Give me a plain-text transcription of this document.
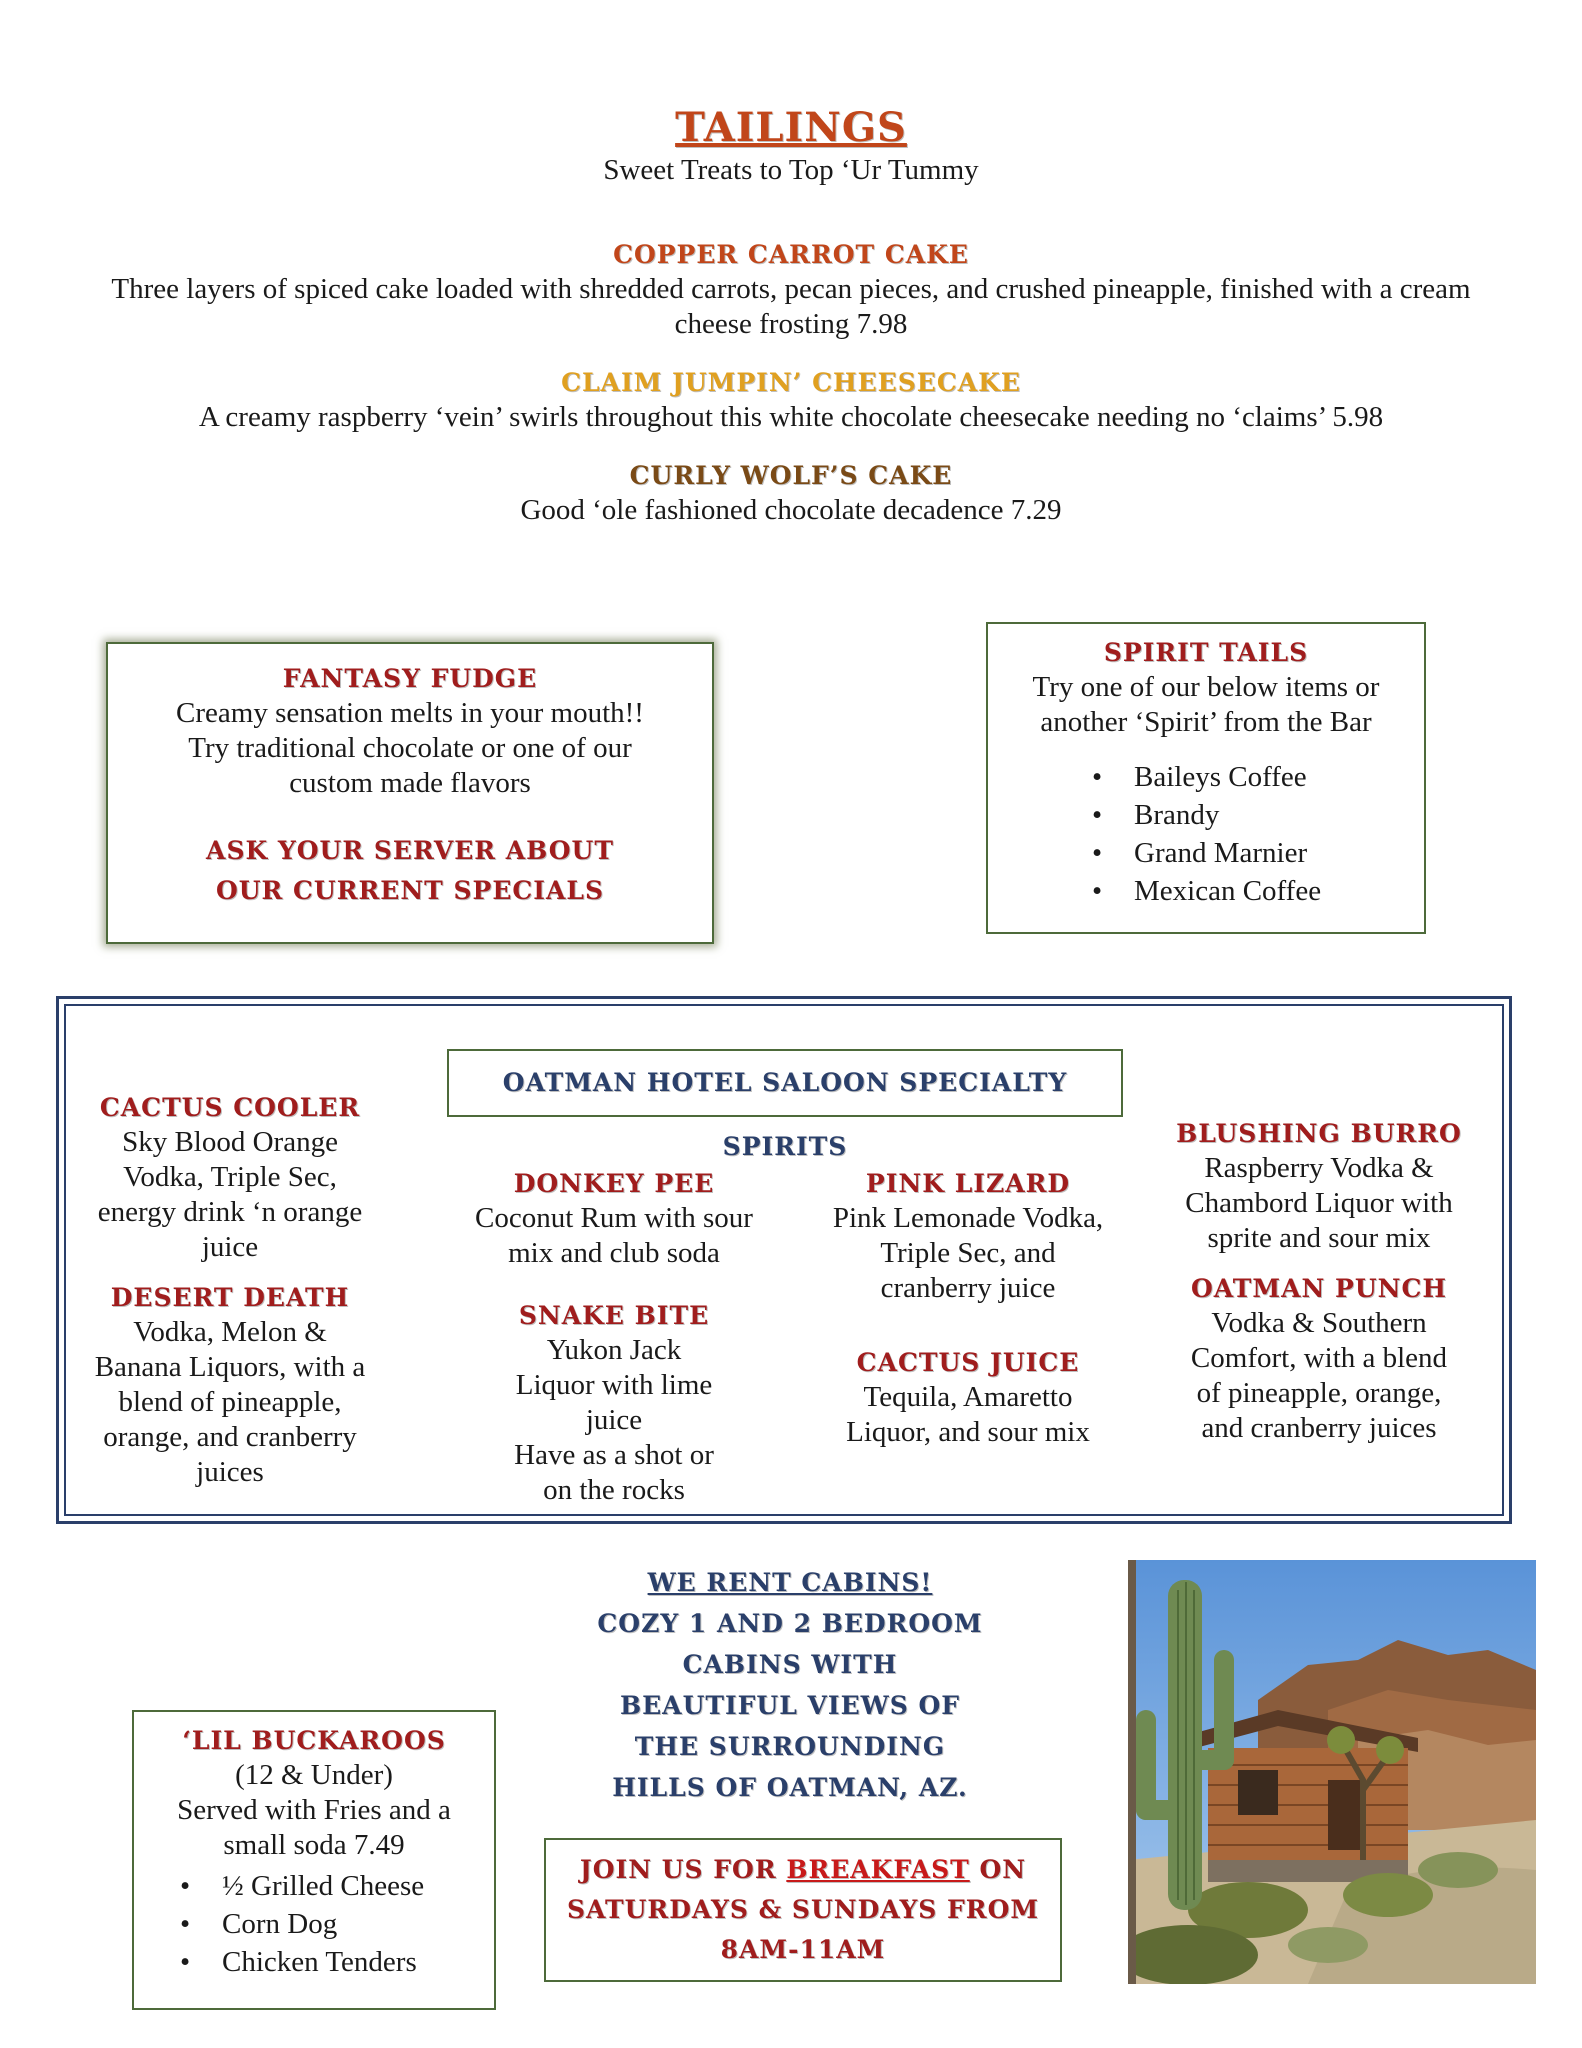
TAILINGS
Sweet Treats to Top ‘Ur Tummy
COPPER CARROT CAKE
Three layers of spiced cake loaded with shredded carrots, pecan pieces, and crushed pineapple, finished with a cream cheese frosting 7.98
CLAIM JUMPIN’ CHEESECAKE
A creamy raspberry ‘vein’ swirls throughout this white chocolate cheesecake needing no ‘claims’ 5.98
CURLY WOLF’S CAKE
Good ‘ole fashioned chocolate decadence 7.29
FANTASY FUDGE
Creamy sensation melts in your mouth!!
Try traditional chocolate or one of our custom made flavors
ASK YOUR SERVER ABOUT OUR CURRENT SPECIALS
SPIRIT TAILS
Try one of our below items or another ‘Spirit’ from the Bar
• Baileys Coffee
• Brandy
• Grand Marnier
• Mexican Coffee
OATMAN HOTEL SALOON SPECIALTY SPIRITS
CACTUS COOLER
Sky Blood Orange Vodka, Triple Sec, energy drink ‘n orange juice
DESERT DEATH
Vodka, Melon & Banana Liquors, with a blend of pineapple, orange, and cranberry juices
DONKEY PEE
Coconut Rum with sour mix and club soda
SNAKE BITE
Yukon Jack Liquor with lime juice
Have as a shot or on the rocks
PINK LIZARD
Pink Lemonade Vodka, Triple Sec, and cranberry juice
CACTUS JUICE
Tequila, Amaretto Liquor, and sour mix
BLUSHING BURRO
Raspberry Vodka & Chambord Liquor with sprite and sour mix
OATMAN PUNCH
Vodka & Southern Comfort, with a blend of pineapple, orange, and cranberry juices
WE RENT CABINS!
COZY 1 AND 2 BEDROOM
CABINS WITH
BEAUTIFUL VIEWS OF
THE SURROUNDING
HILLS OF OATMAN, AZ.
JOIN US FOR BREAKFAST ON
SATURDAYS & SUNDAYS FROM
8AM-11AM
‘LIL BUCKAROOS
(12 & Under)
Served with Fries and a small soda 7.49
• ½ Grilled Cheese
• Corn Dog
• Chicken Tenders
